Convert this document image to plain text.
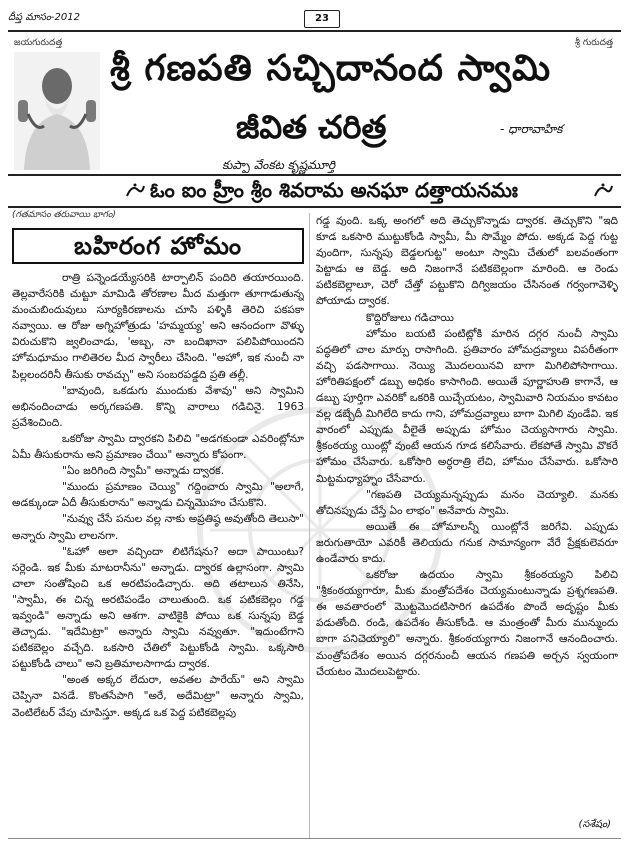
దీప్త మాసం-2012	23
జయగురుదత్త	శ్రీ గురుదత్త
శ్రీ గణపతి సచ్చిదానంద స్వామి
జీవిత చరిత్ర	- ధారావాహిక
కుప్పా వేంకట కృష్ణమూర్తి
ఓం ఐం హ్రీం శ్రీం శివరామ అనఘా దత్తాయనమః
(గతమాసం తరువాయి భాగం)
బహిరంగ హోమం

రాత్రి పన్నెండయ్యేసరికి టార్పాలిన్ పందిరి తయారయింది. తెల్లవారేసరికి చుట్టూ మామిడి తోరణాల మీద మత్తుగా తూగాడుతున్న మంచుబిందువులు సూర్యకిరణాలను చూసి పళ్ళికి తెరిచి పకపకా నవ్వాయి. ఆ రోజు అగ్నిహోత్రుడు 'హమ్మయ్య' అని ఆనందంగా వొళ్ళు విరుచుకొని జ్వలించాడు, 'అబ్బ, నా బందిఖానా పలిపిపోయిందని హోమధూమం గాలితెరల మీద స్వారీలు చేసింది. "అహో, ఇక నుంచీ నా పిల్లలందరినీ తీసుకు రావచ్చు" అని సంబరపడ్డది ప్రతి తల్లీ.

"బావుంది, ఒకడుగు ముందుకు వేశావు" అని స్వామిని అభినందించాడు అర్కగణపతి. కొన్ని వారాలు గడిచినై. 1963 ప్రవేశించింది.

ఒకరోజు స్వామి ద్వారకని పిలిచి "అడగకుండా ఎవరింట్లోనూ ఏమీ తీసుకురాను అని ప్రమాణం చేయి" అన్నారు కోపంగా.

"ఏం జరిగింది స్వామీ" అన్నాడు ద్వారక.

"ముందు ప్రమాణం చెయ్యి" గద్దించారు స్వామి "అలాగే, అడక్కుండా ఏదీ తీసుకురాను" అన్నాడు చిన్నమొహం చేసుకొని.

"నువ్వు చేసే పనుల వల్ల నాకు అప్రతిష్ఠ అవుతోంది తెలుసా" అన్నారు స్వామి లాలనగా.

"ఓహో అలా వచ్చిందా లిటిగేషను? అదా పాయింటు? సర్లెండి. ఇక మీకు మాటరానీను" అన్నాడు. ద్వారక ఉల్లాసంగా. స్వామి చాలా సంతోషించి ఒక అరటిపండిచ్చారు. అది తటాలున తినేసి, "స్వామీ, ఈ చిన్న అరటిపండేం చాలుతుంది. ఒక పటికబెల్లం గడ్డ ఇవ్వండి" అన్నాడు అని ఆశగా. వాటికైకి పోయి ఒక సున్నపు బెడ్డ తెచ్చాడు. "ఇదేమిట్రా" అన్నారు స్వామి నవ్వుతూ. "ఇదుంటేగాని పటికబెల్లం వచ్చేది. ఒకసారి చేతిలో పెట్టుకోండి స్వామి. ఒక్కసారి పట్టుకోండి చాలు" అని బ్రతిమాలసాగాడు ద్వారక.

"అంత అక్కర లేదురా, అవతల పారేయ్" అని స్వామి చెప్పినా వినడే. కొంతసేపాగి "అరే, అదేమిట్రా" అన్నారు స్వామి, వెంటిలేటర్ వేపు చూపిస్తూ. అక్కడ ఒక పెద్ద పటికబెల్లపు

గడ్డ వుంది. ఒక్క అంగలో అది తెచ్చుకొన్నాడు ద్వారక. తెచ్చుకొని "ఇది కూడ ఒకసారి ముట్టుకోండి స్వామీ, మీ సొమ్మేం పోదు. అక్కడ పెద్ద గుట్ట వుందిగా, సున్నపు బెడ్డలగుట్ట" అంటూ స్వామి చేతులో బలవంతంగా పెట్టాడు ఆ బెడ్డ. అది నిజంగానే పటికబెల్లంగా మారింది. ఆ రెండు పటికబెల్లాలూ, చెరో చేత్తో పట్టుకొని దిగ్విజయం చేసినంత గర్వంగావెళ్ళి పోయాడు ద్వారక.

కొద్దిరోజులు గడిచాయి

హోమం బయటి పంటిట్లోకి మారిన దగ్గర నుంచీ స్వామి పద్ధతిలో చాల మార్పు రాసాగింది. ప్రతివారం హోమద్రవ్యాలు విపరీతంగా వచ్చి పడసాగాయి. నెయ్యి మొదలయినవి బాగా మిగిలిపోసాగాయి. హోరితిపక్షంలో డబ్బు అధికం కాసాగింది. అయితే పూర్ణాహుతి కాగానే, ఆ డబ్బు పూర్తిగా ఎవరికో ఒకరికి యిచ్చేయటం, స్వామివారి నియమం కావటం వల్ల డబ్బేదీ మిగిలేది కాదు గాని, హోమద్రవ్యాలు బాగా మిగిలి వుండేవి. ఇక వారంలో ఎప్పుడు వీలైతే అప్పుడు హోమం చెయ్యసాగారు స్వామి. శ్రీకంఠయ్య యింట్లో వుంటే ఆయన గూడ కలిసేవారు. లేకపోతే స్వామి వొకరే హోమం చేసేవారు. ఒకోసారి అర్ధరాత్రి లేచి, హోమం చేసేవారు. ఒకోసారి మిట్టమధ్యాహ్నం చేసేవారు.

"గణపతి చెయ్యమన్నప్పుడు మనం చెయ్యాలి. మనకు తోచినప్పుడు చేస్తే ఏం లాభం" అనేవారు స్వామి.

అయితే ఈ హోమాలన్నీ యింట్లోనే జరిగేవి. ఎప్పుడు జరుగుతాయో ఎవరికీ తెలియదు గనుక సామాన్యంగా వేరే ప్రేక్షకులెవరూ ఉండేవారు కాదు.

ఒకరోజు ఉదయం స్వామి శ్రీకంఠయ్యని పిలిచి "శ్రీకంఠయ్యగారూ, మీకు మంత్రోపదేశం చెయ్యమంటున్నాడు ప్రశ్నగణపతి. ఈ అవతారంలో మొట్టమొదటిసారిగ ఉపదేశం పొందే అదృష్టం మీకు పడుతోంది. రండి, ఉపదేశం తీసుకోండి. ఆ మంత్రంతో మీరు మున్ముందు బాగా పనిచెయ్యాలి" అన్నారు. శ్రీకంఠయ్యగారు నిజంగానే ఆనందించారు. మంత్రోపదేశం అయిన దగ్గరనుంచీ ఆయన గణపతి అర్చన స్వయంగా చేయటం మొదలుపెట్టారు.

(సశేషం)
